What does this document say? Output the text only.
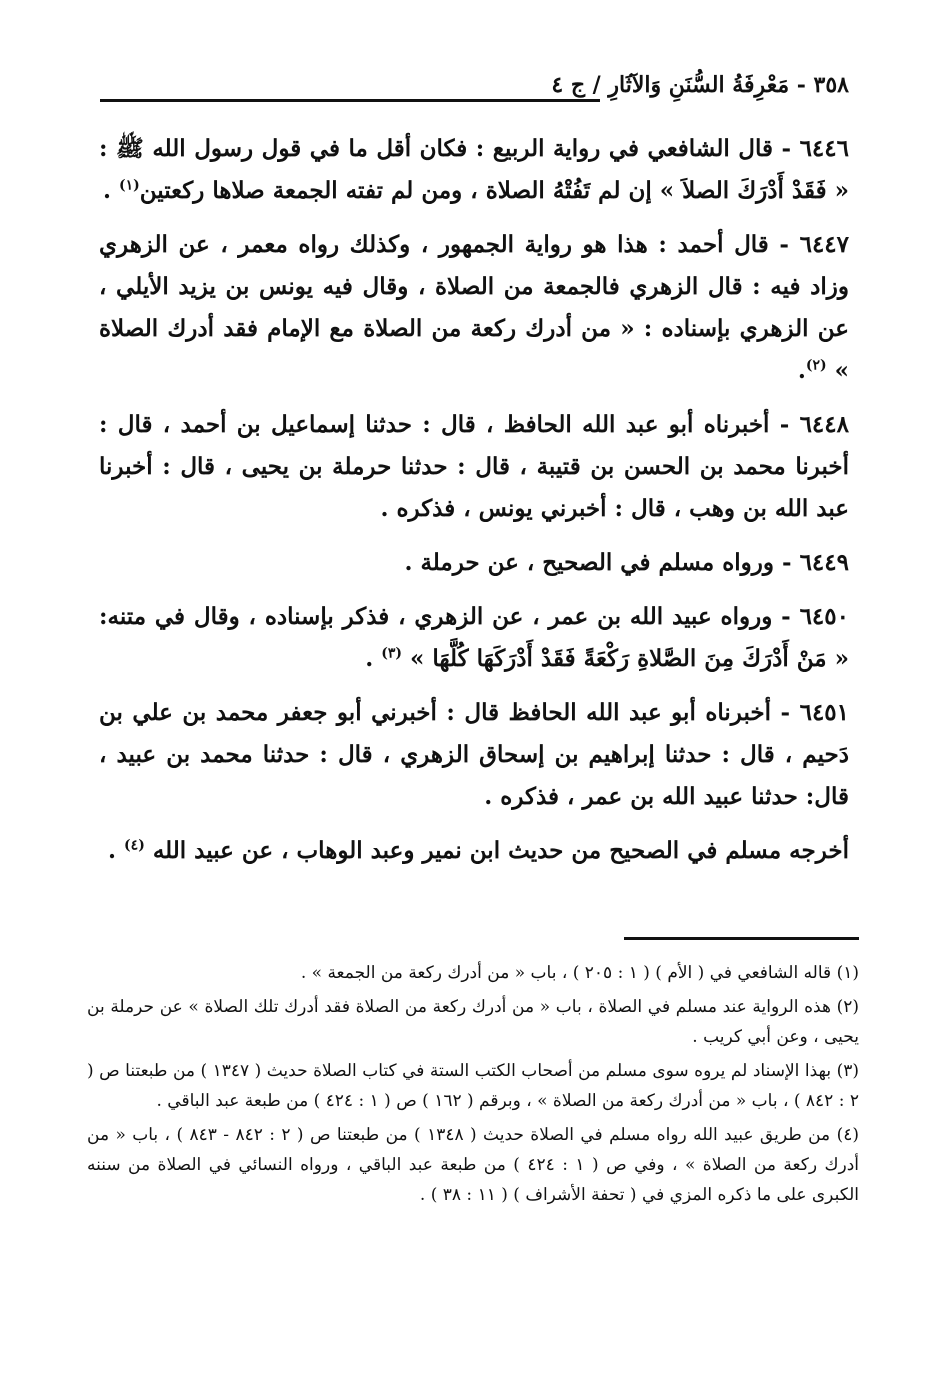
٣٥٨ - مَعْرِفَةُ السُّنَنِ وَالآثَارِ / ج ٤

٦٤٤٦ - قال الشافعي في رواية الربيع : فكان أقل ما في قول رسول الله ﷺ : « فَقَدْ أَدْرَكَ الصلاَ » إن لم تَفُتْهُ الصلاة ، ومن لم تفته الجمعة صلاها ركعتين$^{(١)}$ .

٦٤٤٧ - قال أحمد : هذا هو رواية الجمهور ، وكذلك رواه معمر ، عن الزهري وزاد فيه : قال الزهري فالجمعة من الصلاة ، وقال فيه يونس بن يزيد الأيلي ، عن الزهري بإسناده : « من أدرك ركعة من الصلاة مع الإمام فقد أدرك الصلاة » $^{(٢)}$.

٦٤٤٨ - أخبرناه أبو عبد الله الحافظ ، قال : حدثنا إسماعيل بن أحمد ، قال : أخبرنا محمد بن الحسن بن قتيبة ، قال : حدثنا حرملة بن يحيى ، قال : أخبرنا عبد الله بن وهب ، قال : أخبرني يونس ، فذكره .

٦٤٤٩ - ورواه مسلم في الصحيح ، عن حرملة .

٦٤٥٠ - ورواه عبيد الله بن عمر ، عن الزهري ، فذكر بإسناده ، وقال في متنه: « مَنْ أَدْرَكَ مِنَ الصَّلاةِ رَكْعَةً فَقَدْ أَدْرَكَهَا كُلَّهَا » $^{(٣)}$ .

٦٤٥١ - أخبرناه أبو عبد الله الحافظ قال : أخبرني أبو جعفر محمد بن علي بن دَحيم ، قال : حدثنا إبراهيم بن إسحاق الزهري ، قال : حدثنا محمد بن عبيد ، قال: حدثنا عبيد الله بن عمر ، فذكره .

أخرجه مسلم في الصحيح من حديث ابن نمير وعبد الوهاب ، عن عبيد الله $^{(٤)}$ .

(١) قاله الشافعي في ( الأم ) ( ١ : ٢٠٥ ) ، باب « من أدرك ركعة من الجمعة » .

(٢) هذه الرواية عند مسلم في الصلاة ، باب « من أدرك ركعة من الصلاة فقد أدرك تلك الصلاة » عن حرملة بن يحيى ، وعن أبي كريب .

(٣) بهذا الإسناد لم يروه سوى مسلم من أصحاب الكتب الستة في كتاب الصلاة حديث ( ١٣٤٧ ) من طبعتنا ص ( ٢ : ٨٤٢ ) ، باب « من أدرك ركعة من الصلاة » ، وبرقم ( ١٦٢ ) ص ( ١ : ٤٢٤ ) من طبعة عبد الباقي .

(٤) من طريق عبيد الله رواه مسلم في الصلاة حديث ( ١٣٤٨ ) من طبعتنا ص ( ٢ : ٨٤٢ - ٨٤٣ ) ، باب « من أدرك ركعة من الصلاة » ، وفي ص ( ١ : ٤٢٤ ) من طبعة عبد الباقي ، ورواه النسائي في الصلاة من سننه الكبرى على ما ذكره المزي في ( تحفة الأشراف ) ( ١١ : ٣٨ ) .
